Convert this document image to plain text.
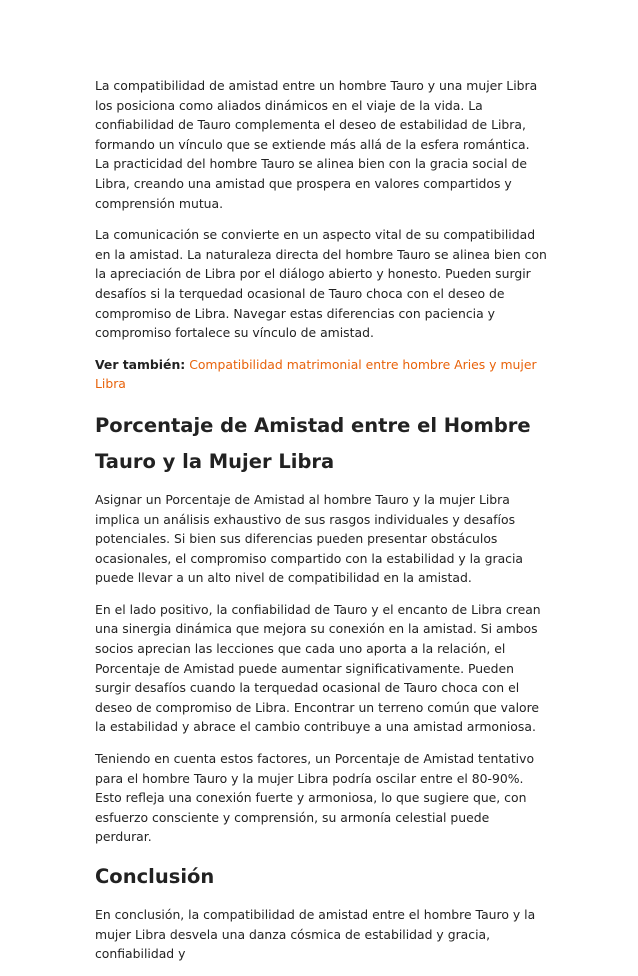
La compatibilidad de amistad entre un hombre Tauro y una mujer Libra los posiciona como aliados dinámicos en el viaje de la vida. La confiabilidad de Tauro complementa el deseo de estabilidad de Libra, formando un vínculo que se extiende más allá de la esfera romántica. La practicidad del hombre Tauro se alinea bien con la gracia social de Libra, creando una amistad que prospera en valores compartidos y comprensión mutua.

La comunicación se convierte en un aspecto vital de su compatibilidad en la amistad. La naturaleza directa del hombre Tauro se alinea bien con la apreciación de Libra por el diálogo abierto y honesto. Pueden surgir desafíos si la terquedad ocasional de Tauro choca con el deseo de compromiso de Libra. Navegar estas diferencias con paciencia y compromiso fortalece su vínculo de amistad.

Ver también: Compatibilidad matrimonial entre hombre Aries y mujer Libra

Porcentaje de Amistad entre el Hombre Tauro y la Mujer Libra

Asignar un Porcentaje de Amistad al hombre Tauro y la mujer Libra implica un análisis exhaustivo de sus rasgos individuales y desafíos potenciales. Si bien sus diferencias pueden presentar obstáculos ocasionales, el compromiso compartido con la estabilidad y la gracia puede llevar a un alto nivel de compatibilidad en la amistad.

En el lado positivo, la confiabilidad de Tauro y el encanto de Libra crean una sinergia dinámica que mejora su conexión en la amistad. Si ambos socios aprecian las lecciones que cada uno aporta a la relación, el Porcentaje de Amistad puede aumentar significativamente. Pueden surgir desafíos cuando la terquedad ocasional de Tauro choca con el deseo de compromiso de Libra. Encontrar un terreno común que valore la estabilidad y abrace el cambio contribuye a una amistad armoniosa.

Teniendo en cuenta estos factores, un Porcentaje de Amistad tentativo para el hombre Tauro y la mujer Libra podría oscilar entre el 80-90%. Esto refleja una conexión fuerte y armoniosa, lo que sugiere que, con esfuerzo consciente y comprensión, su armonía celestial puede perdurar.

Conclusión

En conclusión, la compatibilidad de amistad entre el hombre Tauro y la mujer Libra desvela una danza cósmica de estabilidad y gracia, confiabilidad y
